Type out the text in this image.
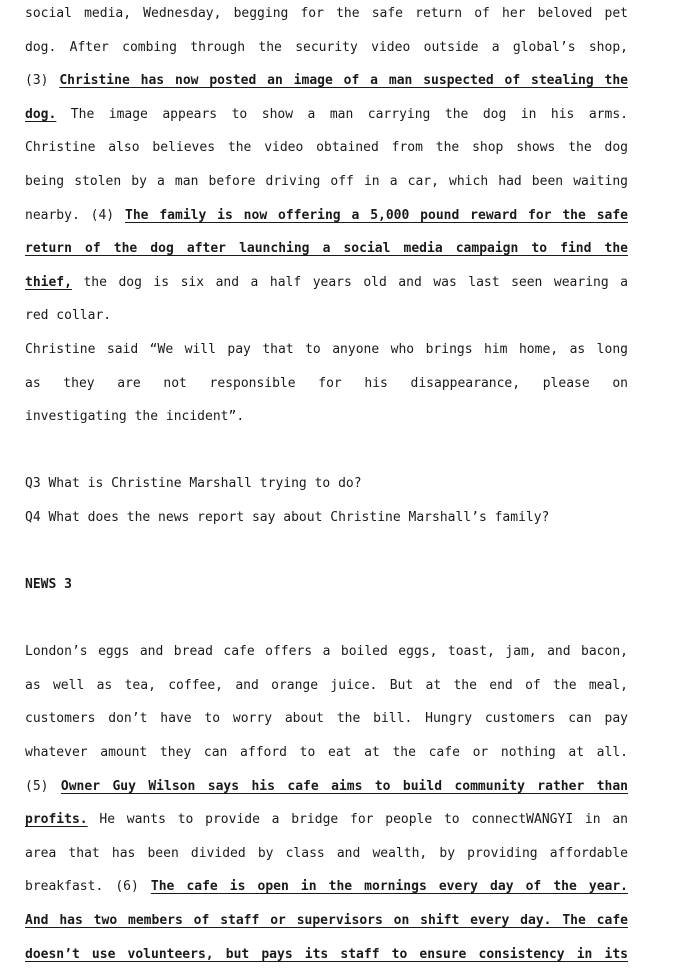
social media, Wednesday, begging for the safe return of her beloved pet
dog. After combing through the security video outside a global’s shop,
(3) Christine has now posted an image of a man suspected of stealing the
dog. The image appears to show a man carrying the dog in his arms.
Christine also believes the video obtained from the shop shows the dog
being stolen by a man before driving off in a car, which had been waiting
nearby. (4) The family is now offering a 5,000 pound reward for the safe
return of the dog after launching a social media campaign to find the
thief, the dog is six and a half years old and was last seen wearing a
red collar.
Christine said “We will pay that to anyone who brings him home, as long
as they are not responsible for his disappearance, please on
investigating the incident”.
Q3 What is Christine Marshall trying to do?
Q4 What does the news report say about Christine Marshall’s family?
NEWS 3
London’s eggs and bread cafe offers a boiled eggs, toast, jam, and bacon,
as well as tea, coffee, and orange juice. But at the end of the meal,
customers don’t have to worry about the bill. Hungry customers can pay
whatever amount they can afford to eat at the cafe or nothing at all.
(5) Owner Guy Wilson says his cafe aims to build community rather than
profits. He wants to provide a bridge for people to connectWANGYI in an
area that has been divided by class and wealth, by providing affordable
breakfast. (6) The cafe is open in the mornings every day of the year.
And has two members of staff or supervisors on shift every day. The cafe
doesn’t use volunteers, but pays its staff to ensure consistency in its
